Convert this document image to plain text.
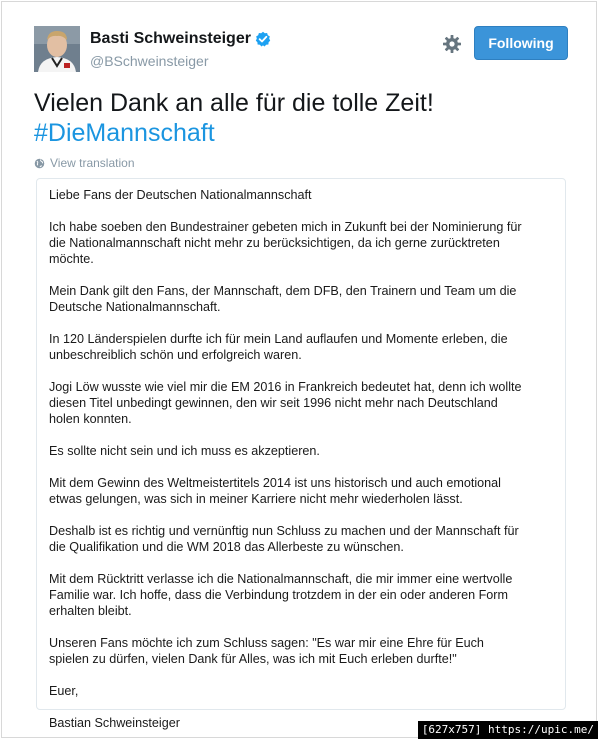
Basti Schweinsteiger
@BSchweinsteiger
Following
Vielen Dank an alle für die tolle Zeit!
#DieMannschaft
View translation

Liebe Fans der Deutschen Nationalmannschaft

Ich habe soeben den Bundestrainer gebeten mich in Zukunft bei der Nominierung für
die Nationalmannschaft nicht mehr zu berücksichtigen, da ich gerne zurücktreten
möchte.

Mein Dank gilt den Fans, der Mannschaft, dem DFB, den Trainern und Team um die
Deutsche Nationalmannschaft.

In 120 Länderspielen durfte ich für mein Land auflaufen und Momente erleben, die
unbeschreiblich schön und erfolgreich waren.

Jogi Löw wusste wie viel mir die EM 2016 in Frankreich bedeutet hat, denn ich wollte
diesen Titel unbedingt gewinnen, den wir seit 1996 nicht mehr nach Deutschland
holen konnten.

Es sollte nicht sein und ich muss es akzeptieren.

Mit dem Gewinn des Weltmeistertitels 2014 ist uns historisch und auch emotional
etwas gelungen, was sich in meiner Karriere nicht mehr wiederholen lässt.

Deshalb ist es richtig und vernünftig nun Schluss zu machen und der Mannschaft für
die Qualifikation und die WM 2018 das Allerbeste zu wünschen.

Mit dem Rücktritt verlasse ich die Nationalmannschaft, die mir immer eine wertvolle
Familie war. Ich hoffe, dass die Verbindung trotzdem in der ein oder anderen Form
erhalten bleibt.

Unseren Fans möchte ich zum Schluss sagen: "Es war mir eine Ehre für Euch
spielen zu dürfen, vielen Dank für Alles, was ich mit Euch erleben durfte!"

Euer,

Bastian Schweinsteiger	[627x757] https://upic.me/
